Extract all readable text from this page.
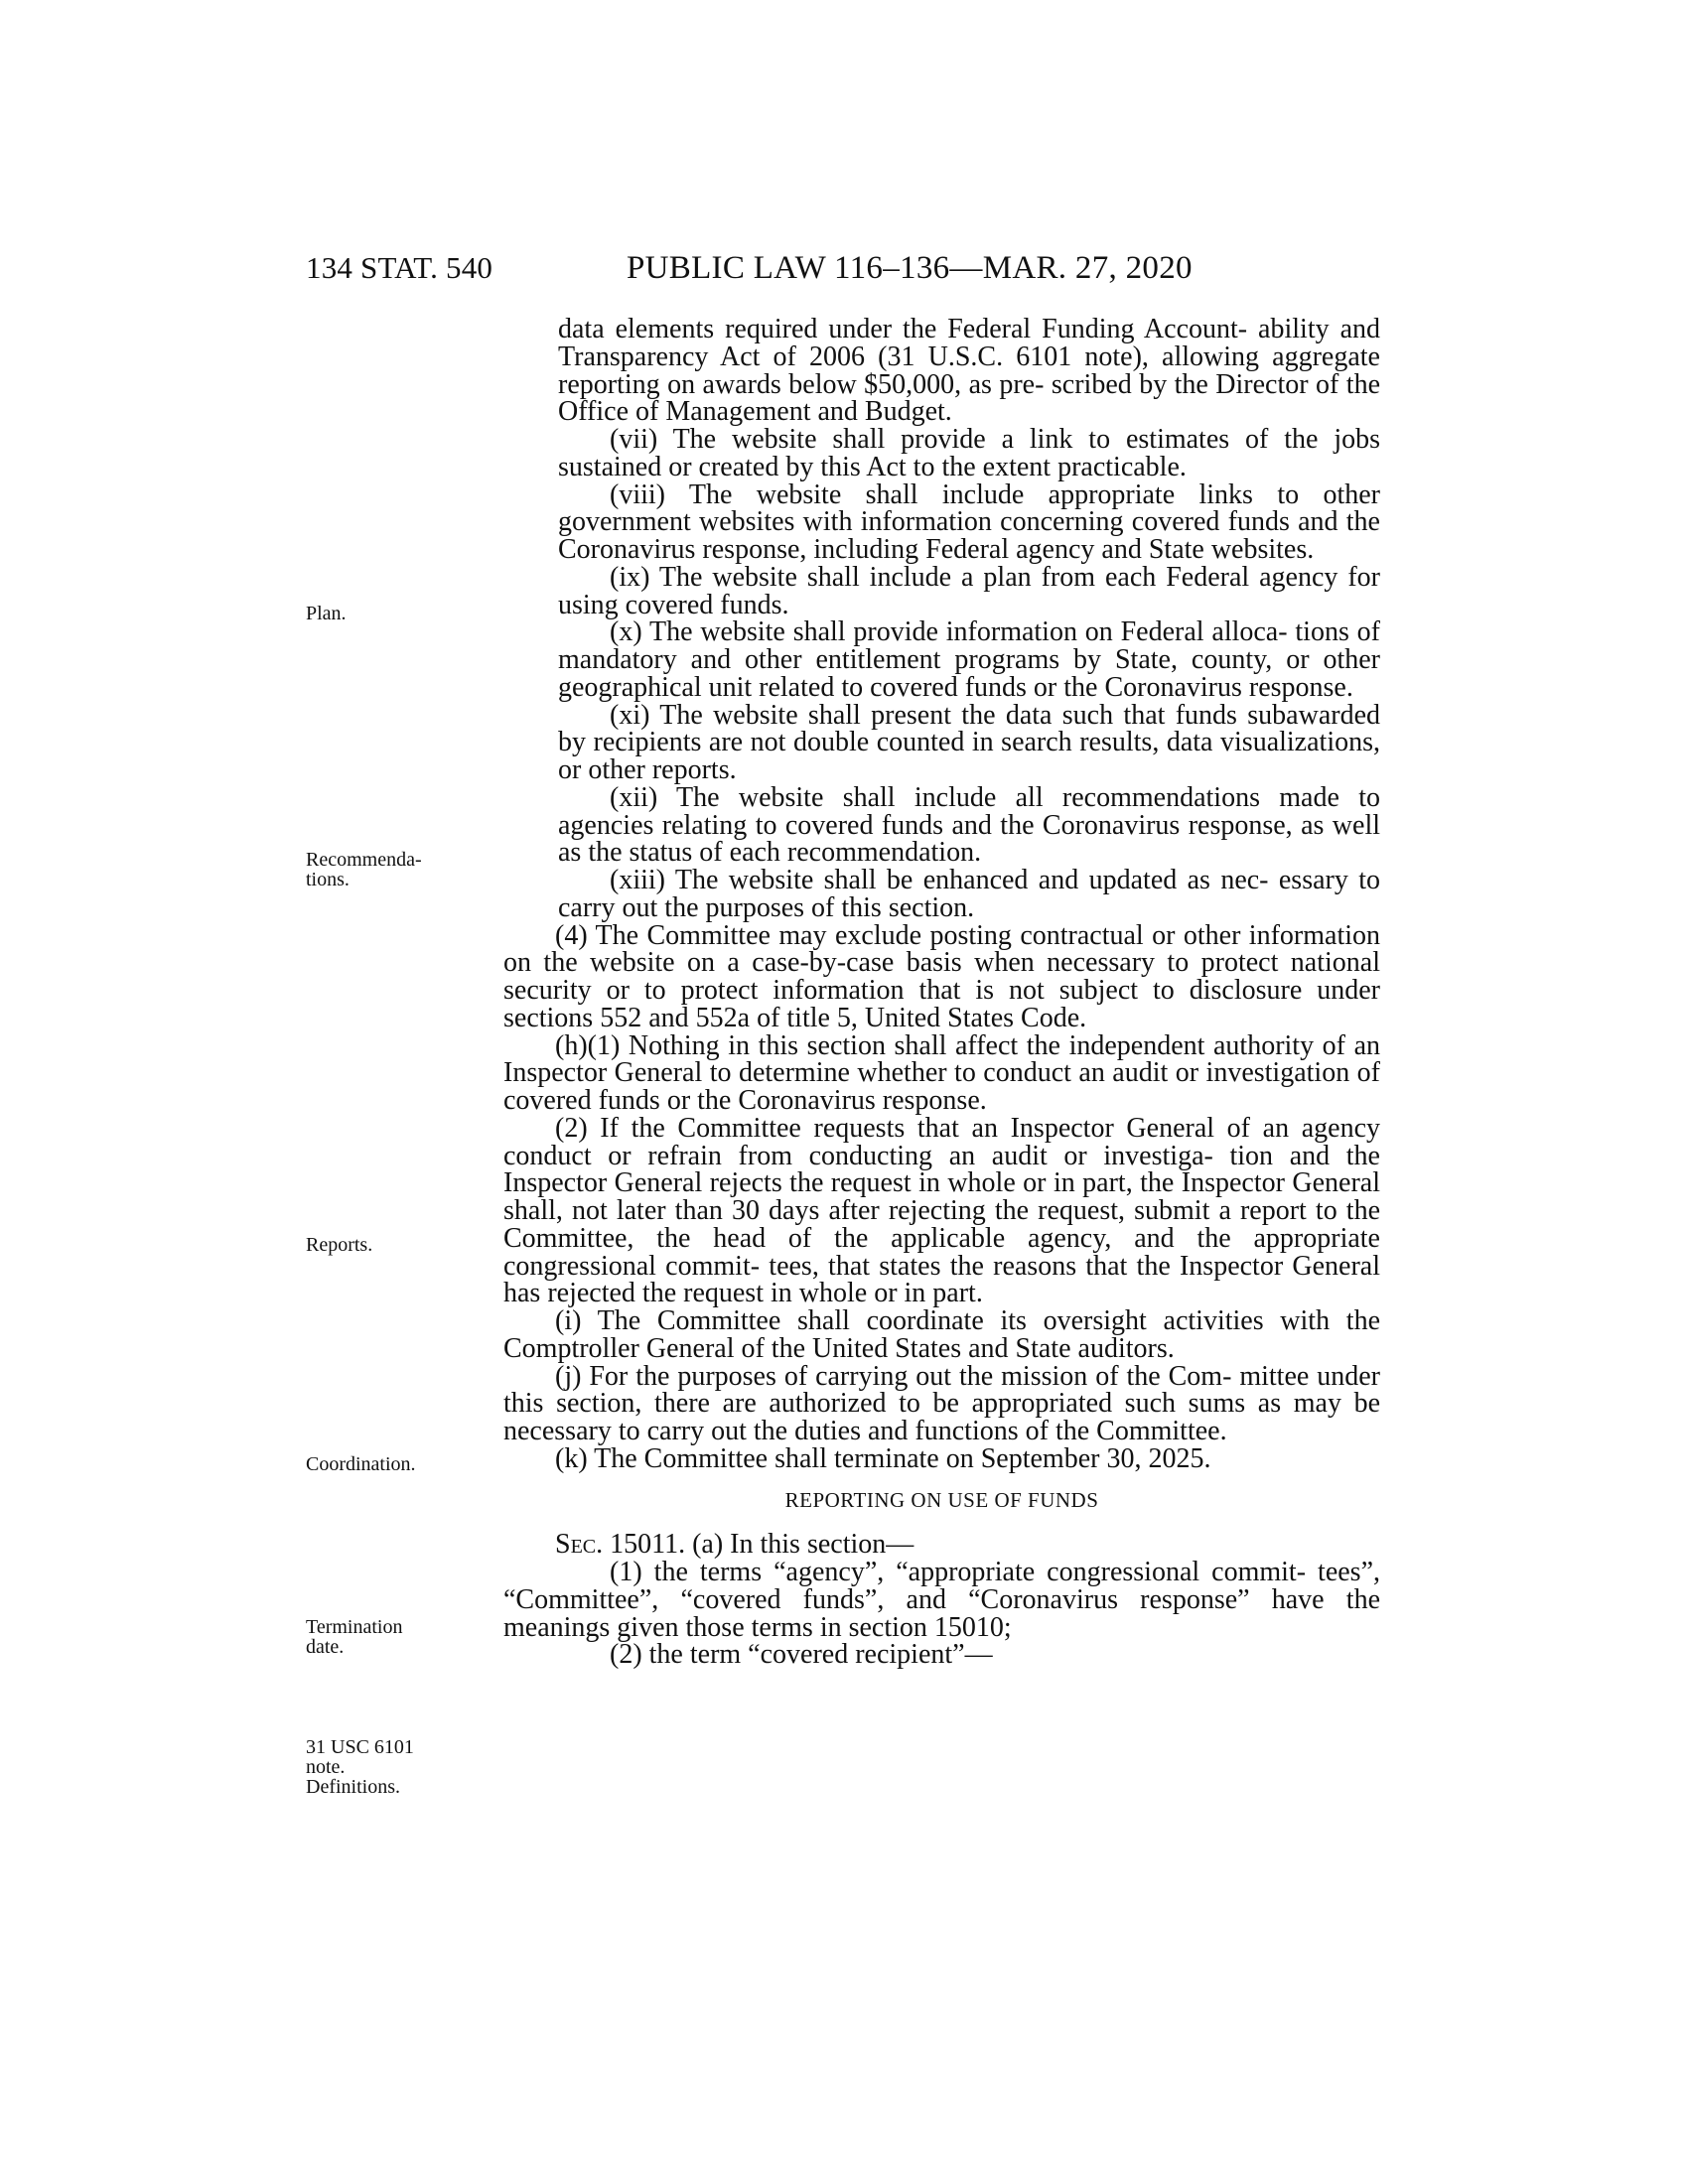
134 STAT. 540	PUBLIC LAW 116–136—MAR. 27, 2020
Plan.
Recommenda-
tions.
Reports.
Coordination.
Termination
date.
31 USC 6101
note.
Definitions.

data elements required under the Federal Funding Account- ability and Transparency Act of 2006 (31 U.S.C. 6101 note), allowing aggregate reporting on awards below $50,000, as pre- scribed by the Director of the Office of Management and Budget.

(vii) The website shall provide a link to estimates of the jobs sustained or created by this Act to the extent practicable.

(viii) The website shall include appropriate links to other government websites with information concerning covered funds and the Coronavirus response, including Federal agency and State websites.

(ix) The website shall include a plan from each Federal agency for using covered funds.

(x) The website shall provide information on Federal alloca- tions of mandatory and other entitlement programs by State, county, or other geographical unit related to covered funds or the Coronavirus response.

(xi) The website shall present the data such that funds subawarded by recipients are not double counted in search results, data visualizations, or other reports.

(xii) The website shall include all recommendations made to agencies relating to covered funds and the Coronavirus response, as well as the status of each recommendation.

(xiii) The website shall be enhanced and updated as nec- essary to carry out the purposes of this section.

(4) The Committee may exclude posting contractual or other information on the website on a case-by-case basis when necessary to protect national security or to protect information that is not subject to disclosure under sections 552 and 552a of title 5, United States Code.

(h)(1) Nothing in this section shall affect the independent authority of an Inspector General to determine whether to conduct an audit or investigation of covered funds or the Coronavirus response.

(2) If the Committee requests that an Inspector General of an agency conduct or refrain from conducting an audit or investiga- tion and the Inspector General rejects the request in whole or in part, the Inspector General shall, not later than 30 days after rejecting the request, submit a report to the Committee, the head of the applicable agency, and the appropriate congressional commit- tees, that states the reasons that the Inspector General has rejected the request in whole or in part.

(i) The Committee shall coordinate its oversight activities with the Comptroller General of the United States and State auditors.

(j) For the purposes of carrying out the mission of the Com- mittee under this section, there are authorized to be appropriated such sums as may be necessary to carry out the duties and functions of the Committee.

(k) The Committee shall terminate on September 30, 2025.

REPORTING ON USE OF FUNDS

Sec. 15011. (a) In this section—

(1) the terms “agency”, “appropriate congressional commit- tees”, “Committee”, “covered funds”, and “Coronavirus response” have the meanings given those terms in section 15010;

(2) the term “covered recipient”—
